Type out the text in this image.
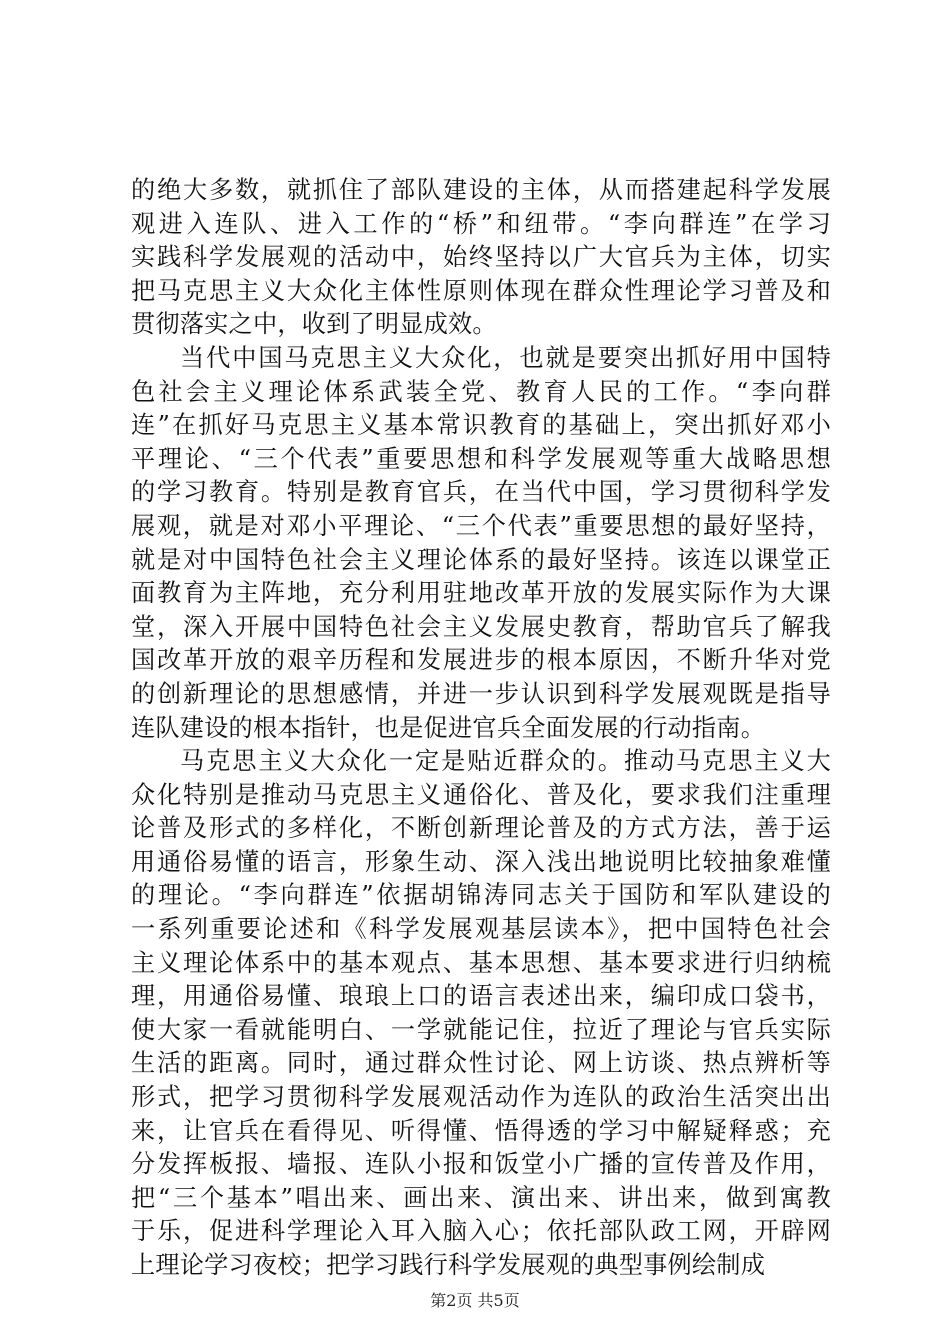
的绝大多数，就抓住了部队建设的主体，从而搭建起科学发展
观进入连队、进入工作的“桥”和纽带。“李向群连”在学习
实践科学发展观的活动中，始终坚持以广大官兵为主体，切实
把马克思主义大众化主体性原则体现在群众性理论学习普及和
贯彻落实之中，收到了明显成效。
当代中国马克思主义大众化，也就是要突出抓好用中国特
色社会主义理论体系武装全党、教育人民的工作。“李向群
连”在抓好马克思主义基本常识教育的基础上，突出抓好邓小
平理论、“三个代表”重要思想和科学发展观等重大战略思想
的学习教育。特别是教育官兵，在当代中国，学习贯彻科学发
展观，就是对邓小平理论、“三个代表”重要思想的最好坚持，
就是对中国特色社会主义理论体系的最好坚持。该连以课堂正
面教育为主阵地，充分利用驻地改革开放的发展实际作为大课
堂，深入开展中国特色社会主义发展史教育，帮助官兵了解我
国改革开放的艰辛历程和发展进步的根本原因，不断升华对党
的创新理论的思想感情，并进一步认识到科学发展观既是指导
连队建设的根本指针，也是促进官兵全面发展的行动指南。
马克思主义大众化一定是贴近群众的。推动马克思主义大
众化特别是推动马克思主义通俗化、普及化，要求我们注重理
论普及形式的多样化，不断创新理论普及的方式方法，善于运
用通俗易懂的语言，形象生动、深入浅出地说明比较抽象难懂
的理论。“李向群连”依据胡锦涛同志关于国防和军队建设的
一系列重要论述和《科学发展观基层读本》，把中国特色社会
主义理论体系中的基本观点、基本思想、基本要求进行归纳梳
理，用通俗易懂、琅琅上口的语言表述出来，编印成口袋书，
使大家一看就能明白、一学就能记住，拉近了理论与官兵实际
生活的距离。同时，通过群众性讨论、网上访谈、热点辨析等
形式，把学习贯彻科学发展观活动作为连队的政治生活突出出
来，让官兵在看得见、听得懂、悟得透的学习中解疑释惑；充
分发挥板报、墙报、连队小报和饭堂小广播的宣传普及作用，
把“三个基本”唱出来、画出来、演出来、讲出来，做到寓教
于乐，促进科学理论入耳入脑入心；依托部队政工网，开辟网
上理论学习夜校；把学习践行科学发展观的典型事例绘制成
第2页 共5页
